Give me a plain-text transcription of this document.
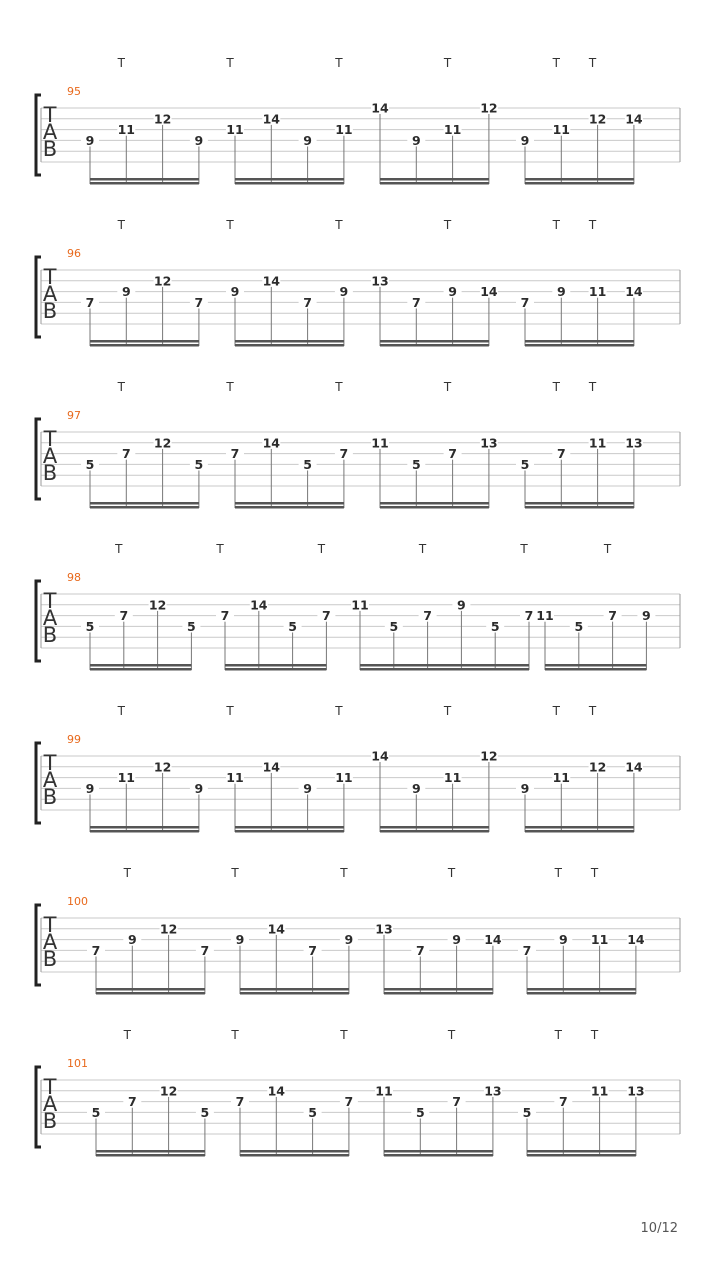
T
A
B
95
9
11
12
9
11
14
9
11
14
9
11
12
9
11
12 14
T	T	T	T	T T
T
A
B
96
7
9
12
7
9
14
7
9
13
7
9 14
7
9 11 14
T	T	T	T	T T
T
A
B
97
5
7
12
5
7
14
5
7
11
5
7
13
5
7
11 13
T	T	T	T	T T
T
A
B
98
5
7
12
5
7
14
5
7
11
5
7
9
5
7 11
5
7 9
T	T	T	T	T	T
T
A
B
99
9
11
12
9
11
14
9
11
14
9
11
12
9
11
12 14
T	T	T	T	T T
T
A
B
100
7
9
12
7
9
14
7
9
13
7
9 14
7
9 11 14
T	T	T	T	T T
T
A
B
101
5
7
12
5
7
14
5
7
11
5
7
13
5
7
11 13
T	T	T	T	T T
10/12
